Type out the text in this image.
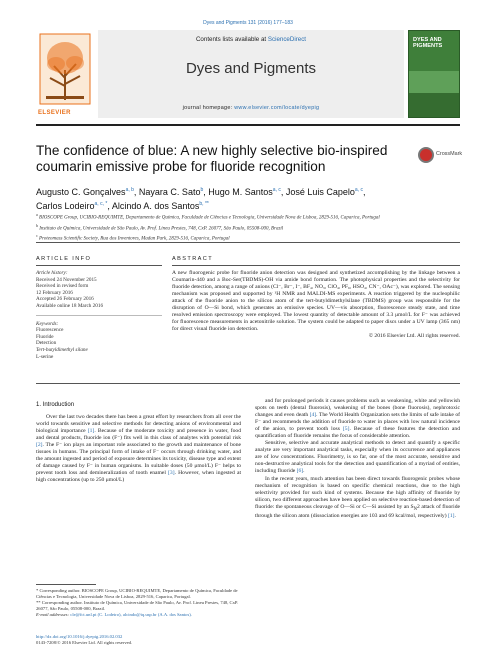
Dyes and Pigments 131 (2016) 177–183
ELSEVIER
Contents lists available at ScienceDirect
Dyes and Pigments
journal homepage: www.elsevier.com/locate/dyepig
DYES AND PIGMENTS
The confidence of blue: A new highly selective bio-inspired coumarin emissive probe for fluoride recognition
CrossMark
Augusto C. Gonçalves$^{a, b}$, Nayara C. Sato$^b$, Hugo M. Santos$^{a, c}$, José Luis Capelo$^{a, c}$,
Carlos Lodeiro$^{a, c, *}$, Alcindo A. dos Santos$^{b, **}$
$^a$ BIOSCOPE Group, UCIBIO-REQUIMTE, Departamento de Química, Faculdade de Ciências e Tecnologia, Universidade Nova de Lisboa, 2829-516, Caparica, Portugal
$^b$ Instituto de Química, Universidade de São Paulo, Av. Prof. Lineu Prestes, 748, CxP. 26077, São Paulo, 05508-000, Brazil
$^c$ Proteomass Scientific Society, Rua dos Inventores, Madan Park, 2829-516, Caparica, Portugal
ARTICLE INFO
Article history:
Received 24 November 2015
Received in revised form
12 February 2016
Accepted 26 February 2016
Available online 18 March 2016
Keywords:
Fluorescence
Fluoride
Detection
Tert-butyldimethyl silane
L-serine
ABSTRACT
A new fluorogenic probe for fluoride anion detection was designed and synthetized accomplishing by the linkage between a Coumarin-440 and a Boc-Ser(TBDMS)-OH via amide bond formation. The photophysical properties and the selectivity for fluoride detection, among a range of anions (Cl⁻, Br⁻, I⁻, BF₄, NO₃, ClO₄, PF₆, HSO₄, CN⁻, OAc⁻), was explored. The sensing mechanism was proposed and supported by ¹H NMR and MALDI-MS experiments. A reaction triggered by the nucleophilic attack of the fluoride anion to the silicon atom of the tert-butyldimethylsilane (TBDMS) group was responsible for the disruption of O—Si bond, which generates an emissive species. UV—vis absorption, fluorescence steady state, and time resolved emission spectroscopy were employed. The lowest quantity of detectable amount of 3.3 μmol/L for F⁻ was achieved for fluorescence measurements in acetonitrile solution. The system could be adapted to paper discs under a UV lamp (365 nm) for direct visual fluoride ion detection.
© 2016 Elsevier Ltd. All rights reserved.
1. Introduction

Over the last two decades there has been a great effort by researchers from all over the world towards sensitive and selective methods for detecting anions of environmental and biological importance [1]. Because of the moderate toxicity and presence in water, food and dental products, fluoride ion (F⁻) fits well in this class of analytes with potential risk [2]. The F⁻ ion plays an important role associated to the growth and maintenance of bone tissues in humans. The principal form of intake of F⁻ occurs through drinking water, and the amount ingested and period of exposure determines its toxicity, disease type and extent of damage caused by F⁻ in human organisms. In suitable doses (50 μmol/L) F⁻ helps to prevent tooth loss and demineralization of tooth enamel [3]. However, when ingested at high concentrations (up to 250 μmol/L)

and for prolonged periods it causes problems such as weakening, white and yellowish spots on teeth (dental fluorosis), weakening of the bones (bone fluorosis), nephrotoxic changes and even death [4]. The World Health Organization sets the limits of safe intake of F⁻ and recommends the addition of fluoride to water in places with low natural incidence of the anion, to prevent tooth loss [5]. Because of these features the detection and quantification of fluoride remains the focus of considerable attention.

Sensitive, selective and accurate analytical methods to detect and quantify a specific analyte are very important analytical tasks, especially when its occurrence and appliances are of low concentrations. Fluorimetry, is so far, one of the most accurate, sensitive and non-destructive analytical tools for the detection and quantification of a myriad of entities, including fluoride [6].

In the recent years, much attention has been direct towards fluorogenic probes whose mechanism of recognition is based on specific chemical reactions, due to the high selectivity provided for such kind of systems. Because the high affinity of fluoride by silicon, two different approaches have been applied on selective reaction-based detection of fluoride: the spontaneous cleavage of O—Si or C—Si assisted by an $S_N2$ attack of fluoride through the silicon atom (dissociation energies are 103 and 69 kcal/mol, respectively) [1].

* Corresponding author. BIOSCOPE Group, UCIBIO-REQUIMTE, Departamento de Química, Faculdade de Ciências e Tecnologia, Universidade Nova de Lisboa, 2829-516, Caparica, Portugal.
** Corresponding author. Instituto de Química, Universidade de São Paulo, Av. Prof. Lineu Prestes, 748, CxP. 26077, São Paulo, 05508-000, Brazil.
E-mail addresses: cle@fct.unl.pt (C. Lodeiro), alcindo@iq.usp.br (A.A. dos Santos).
http://dx.doi.org/10.1016/j.dyepig.2016.02.032
0143-7208/© 2016 Elsevier Ltd. All rights reserved.
